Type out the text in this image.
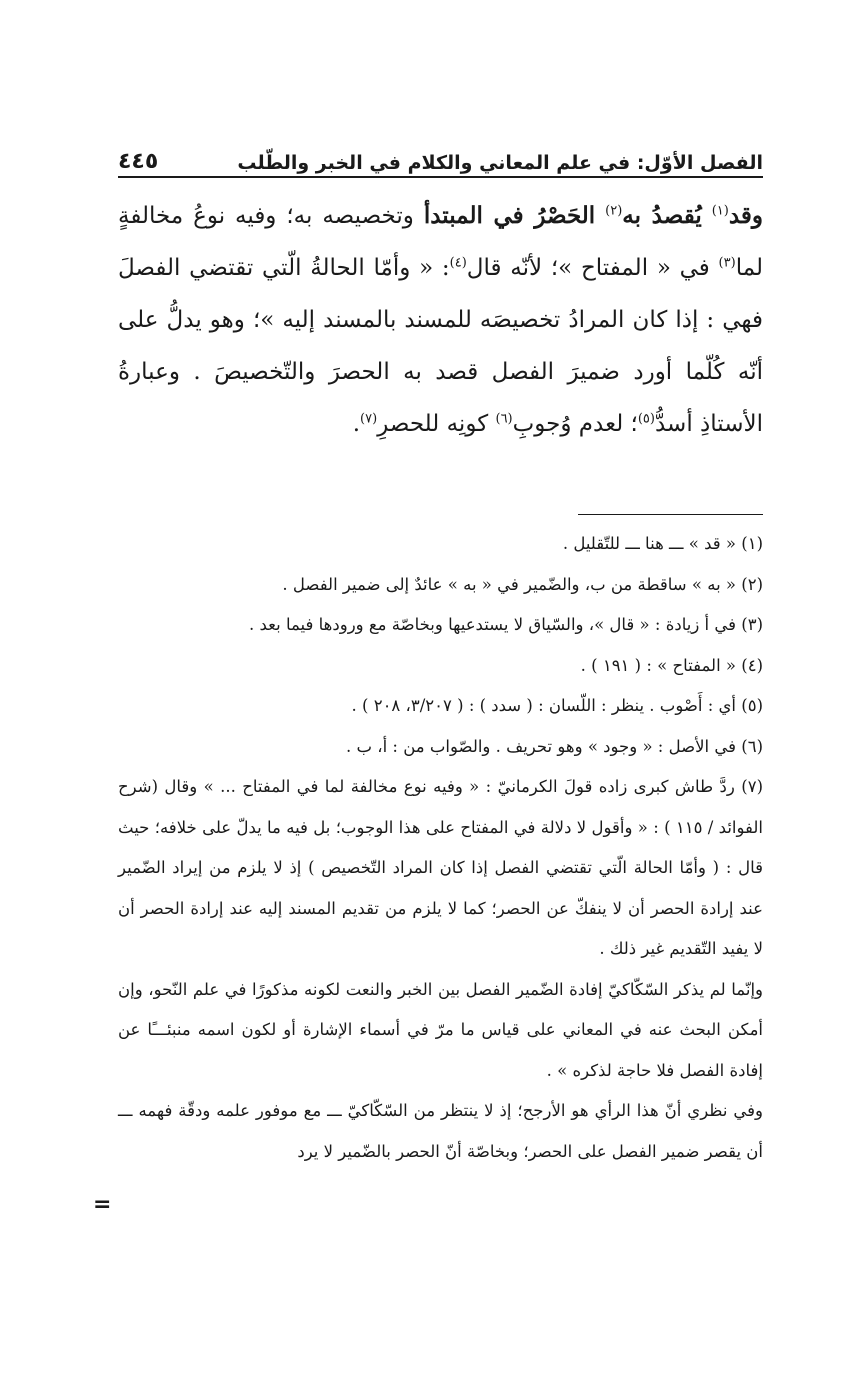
الفصل الأوّل: في علم المعاني والكلام في الخبر والطّلب
٤٤٥

وقد$^{(١)}$ يُقصدُ به$^{(٢)}$ الحَصْرُ في المبتدأ وتخصيصه به؛ وفيه نوعُ مخالفةٍ لما$^{(٣)}$ في « المفتاح »؛ لأنّه قال$^{(٤)}$: « وأمّا الحالةُ الّتي تقتضي الفصلَ فهي : إذا كان المرادُ تخصيصَه للمسند بالمسند إليه »؛ وهو يدلُّ على أنّه كُلّما أورد ضميرَ الفصل قصد به الحصرَ والتّخصيصَ . وعبارةُ الأستاذِ أسدُّ$^{(٥)}$؛ لعدم وُجوبِ$^{(٦)}$ كونِه للحصرِ$^{(٧)}$.

(١) « قد » ـــ هنا ـــ للتّقليل .

(٢) « به » ساقطة من ب، والضّمير في « به » عائدٌ إلى ضمير الفصل .

(٣) في أ زيادة : « قال »، والسّياق لا يستدعيها وبخاصّة مع ورودها فيما بعد .

(٤) « المفتاح » : ( ١٩١ ) .

(٥) أي : أَصْوب . ينظر : اللّسان : ( سدد ) : ( ٣/٢٠٧، ٢٠٨ ) .

(٦) في الأصل : « وجود » وهو تحريف . والصّواب من : أ، ب .

(٧) ردَّ طاش كبرى زاده قولَ الكرمانيّ : « وفيه نوع مخالفة لما في المفتاح ... » وقال (شرح الفوائد / ١١٥ ) : « وأقول لا دلالة في المفتاح على هذا الوجوب؛ بل فيه ما يدلّ على خلافه؛ حيث قال : ( وأمّا الحالة الّتي تقتضي الفصل إذا كان المراد التّخصيص ) إذ لا يلزم من إيراد الضّمير عند إرادة الحصر أن لا ينفكّ عن الحصر؛ كما لا يلزم من تقديم المسند إليه عند إرادة الحصر أن لا يفيد التّقديم غير ذلك .

وإنّما لم يذكر السّكّاكيّ إفادة الضّمير الفصل بين الخبر والنعت لكونه مذكورًا في علم النّحو، وإن أمكن البحث عنه في المعاني على قياس ما مرّ في أسماء الإشارة أو لكون اسمه منبئـــًا عن إفادة الفصل فلا حاجة لذكره » .

وفي نظري أنّ هذا الرأي هو الأرجح؛ إذ لا ينتظر من السّكّاكيّ ـــ مع موفور علمه ودقّة فهمه ـــ أن يقصر ضمير الفصل على الحصر؛ وبخاصّة أنّ الحصر بالضّمير لا يرد

=
